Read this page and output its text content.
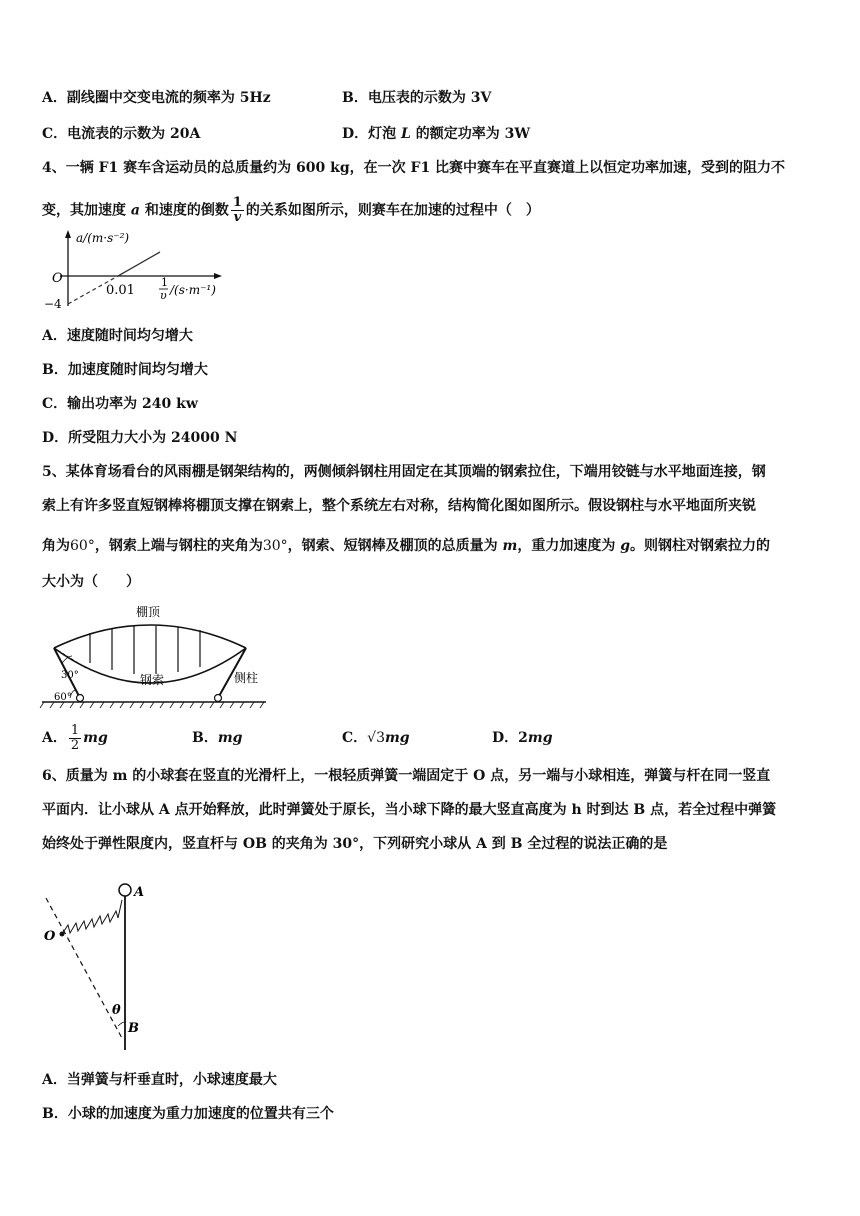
A．副线圈中交变电流的频率为 5Hz	B．电压表的示数为 3V
C．电流表的示数为 20A	D．灯泡 L 的额定功率为 3W
4、一辆 F1 赛车含运动员的总质量约为 600 kg，在一次 F1 比赛中赛车在平直赛道上以恒定功率加速，受到的阻力不
变，其加速度 a 和速度的倒数 $\frac{1}{v}$ 的关系如图所示，则赛车在加速的过程中（　）
a/(m·s⁻²)
O
−4
0.01
1
υ /(s·m⁻¹)
A．速度随时间均匀增大
B．加速度随时间均匀增大
C．输出功率为 240 kw
D．所受阻力大小为 24000 N
5、某体育场看台的风雨棚是钢架结构的，两侧倾斜钢柱用固定在其顶端的钢索拉住，下端用铰链与水平地面连接，钢
索上有许多竖直短钢棒将棚顶支撑在钢索上，整个系统左右对称，结构简化图如图所示。假设钢柱与水平地面所夹锐
角为60°，钢索上端与钢柱的夹角为30°，钢索、短钢棒及棚顶的总质量为 m，重力加速度为 g。则钢柱对钢索拉力的
大小为（　　）
棚顶
钢索	侧柱
30°
60°
A． $\frac{1}{2}$ mg	B．mg	C．√3mg	D．2mg
6、质量为 m 的小球套在竖直的光滑杆上，一根轻质弹簧一端固定于 O 点，另一端与小球相连，弹簧与杆在同一竖直
平面内．让小球从 A 点开始释放，此时弹簧处于原长，当小球下降的最大竖直高度为 h 时到达 B 点，若全过程中弹簧
始终处于弹性限度内，竖直杆与 OB 的夹角为 30°，下列研究小球从 A 到 B 全过程的说法正确的是
A
O
B
θ
A．当弹簧与杆垂直时，小球速度最大
B．小球的加速度为重力加速度的位置共有三个
